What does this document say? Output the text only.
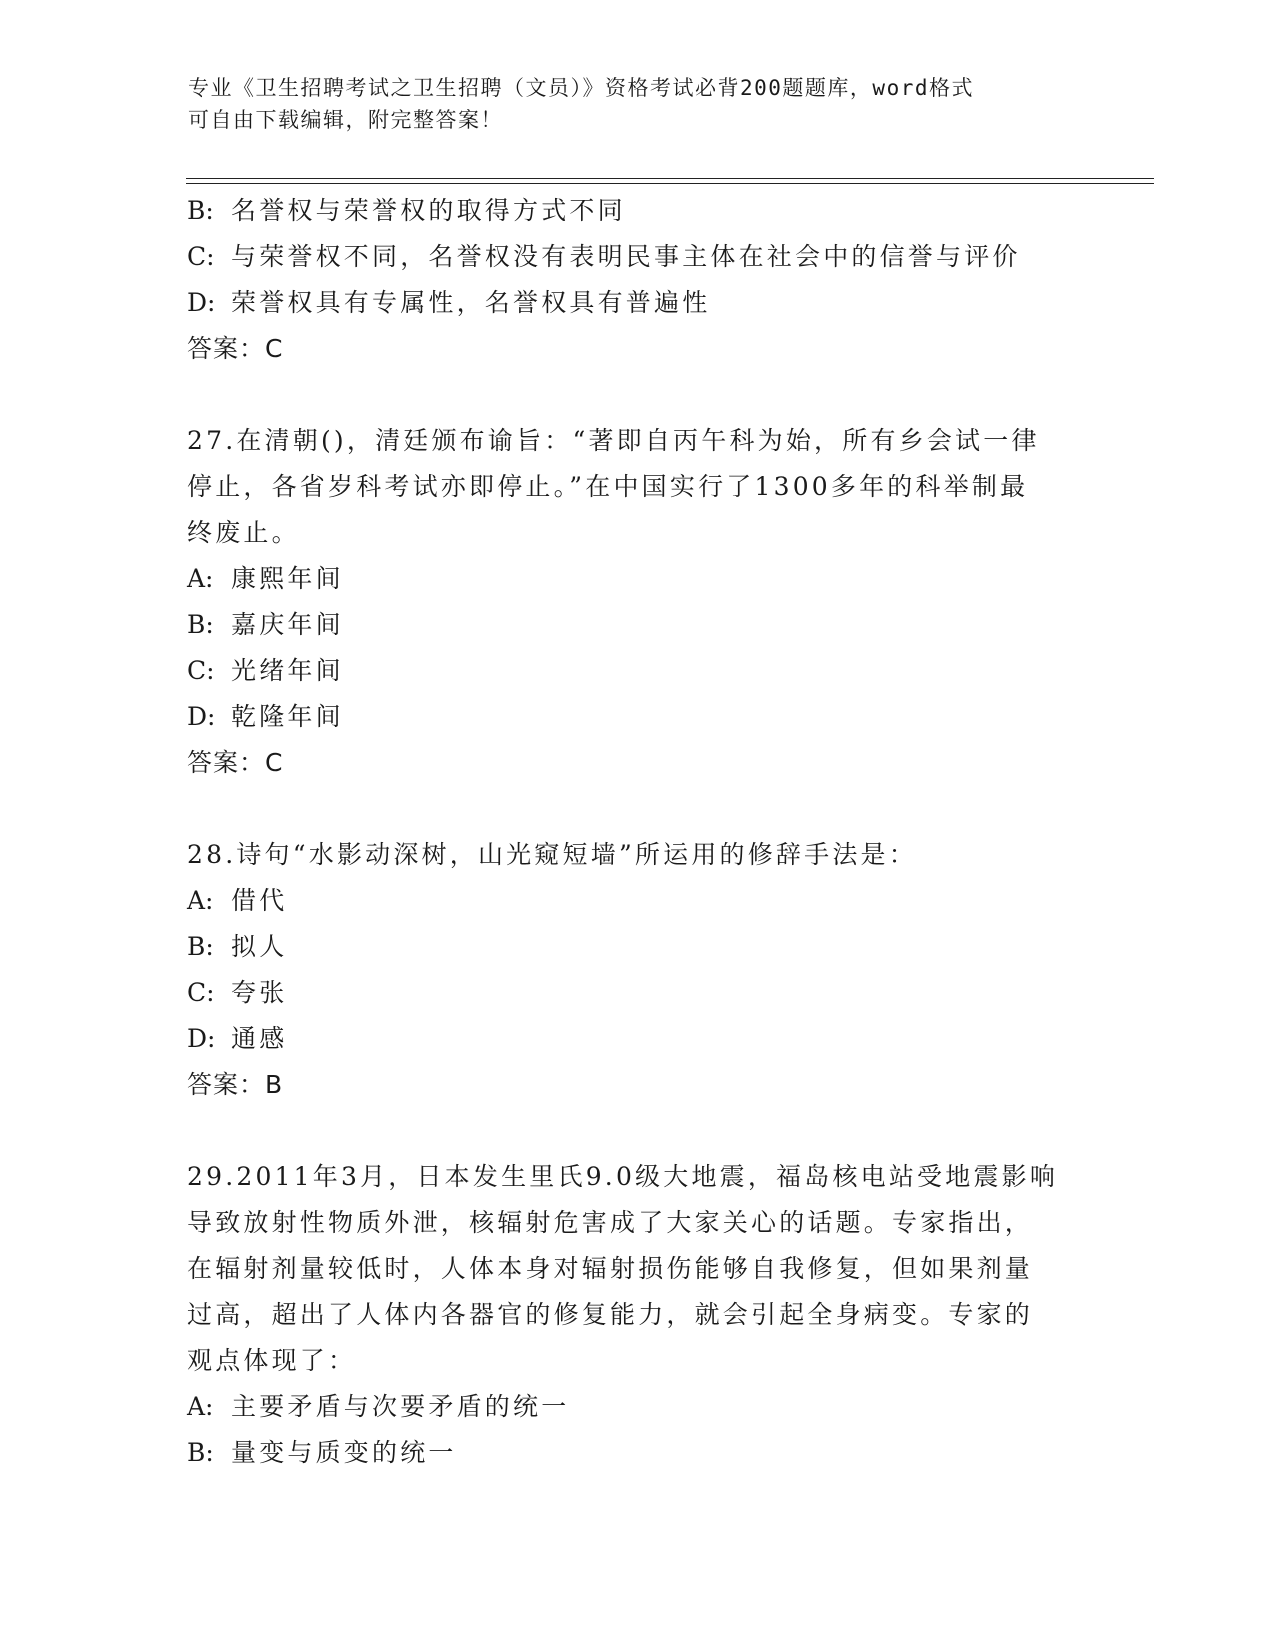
专业《卫生招聘考试之卫生招聘（文员）》资格考试必背200题题库，word格式
可自由下载编辑，附完整答案！
B: 名誉权与荣誉权的取得方式不同
C: 与荣誉权不同，名誉权没有表明民事主体在社会中的信誉与评价
D: 荣誉权具有专属性，名誉权具有普遍性
答案：C
27.在清朝()，清廷颁布谕旨：“著即自丙午科为始，所有乡会试一律
停止，各省岁科考试亦即停止。”在中国实行了1300多年的科举制最
终废止。
A: 康熙年间
B: 嘉庆年间
C: 光绪年间
D: 乾隆年间
答案：C
28.诗句“水影动深树，山光窥短墙”所运用的修辞手法是：
A: 借代
B: 拟人
C: 夸张
D: 通感
答案：B
29.2011年3月，日本发生里氏9.0级大地震，福岛核电站受地震影响
导致放射性物质外泄，核辐射危害成了大家关心的话题。专家指出，
在辐射剂量较低时，人体本身对辐射损伤能够自我修复，但如果剂量
过高，超出了人体内各器官的修复能力，就会引起全身病变。专家的
观点体现了：
A: 主要矛盾与次要矛盾的统一
B: 量变与质变的统一
